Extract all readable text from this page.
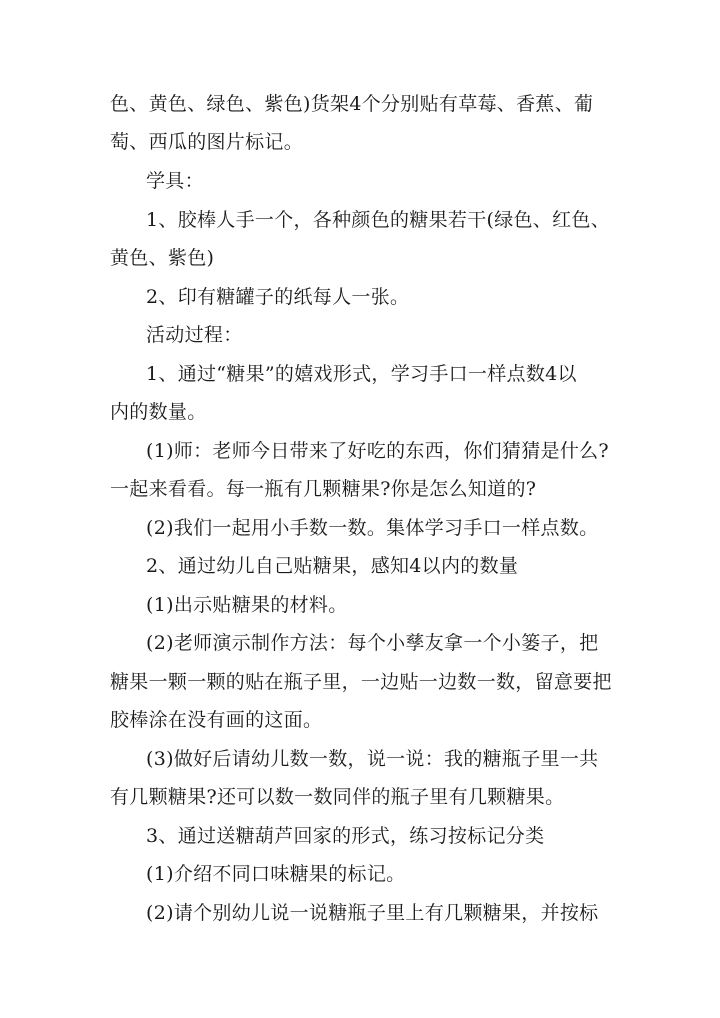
色、黄色、绿色、紫色)货架4个分别贴有草莓、香蕉、葡

萄、西瓜的图片标记。

学具：

1、胶棒人手一个，各种颜色的糖果若干(绿色、红色、

黄色、紫色)

2、印有糖罐子的纸每人一张。

活动过程：

1、通过“糖果”的嬉戏形式，学习手口一样点数4以

内的数量。

(1)师：老师今日带来了好吃的东西，你们猜猜是什么?

一起来看看。每一瓶有几颗糖果?你是怎么知道的?

(2)我们一起用小手数一数。集体学习手口一样点数。

2、通过幼儿自己贴糖果，感知4以内的数量

(1)出示贴糖果的材料。

(2)老师演示制作方法：每个小孳友拿一个小篓子，把

糖果一颗一颗的贴在瓶子里，一边贴一边数一数，留意要把

胶棒涂在没有画的这面。

(3)做好后请幼儿数一数，说一说：我的糖瓶子里一共

有几颗糖果?还可以数一数同伴的瓶子里有几颗糖果。

3、通过送糖葫芦回家的形式，练习按标记分类

(1)介绍不同口味糖果的标记。

(2)请个别幼儿说一说糖瓶子里上有几颗糖果，并按标
